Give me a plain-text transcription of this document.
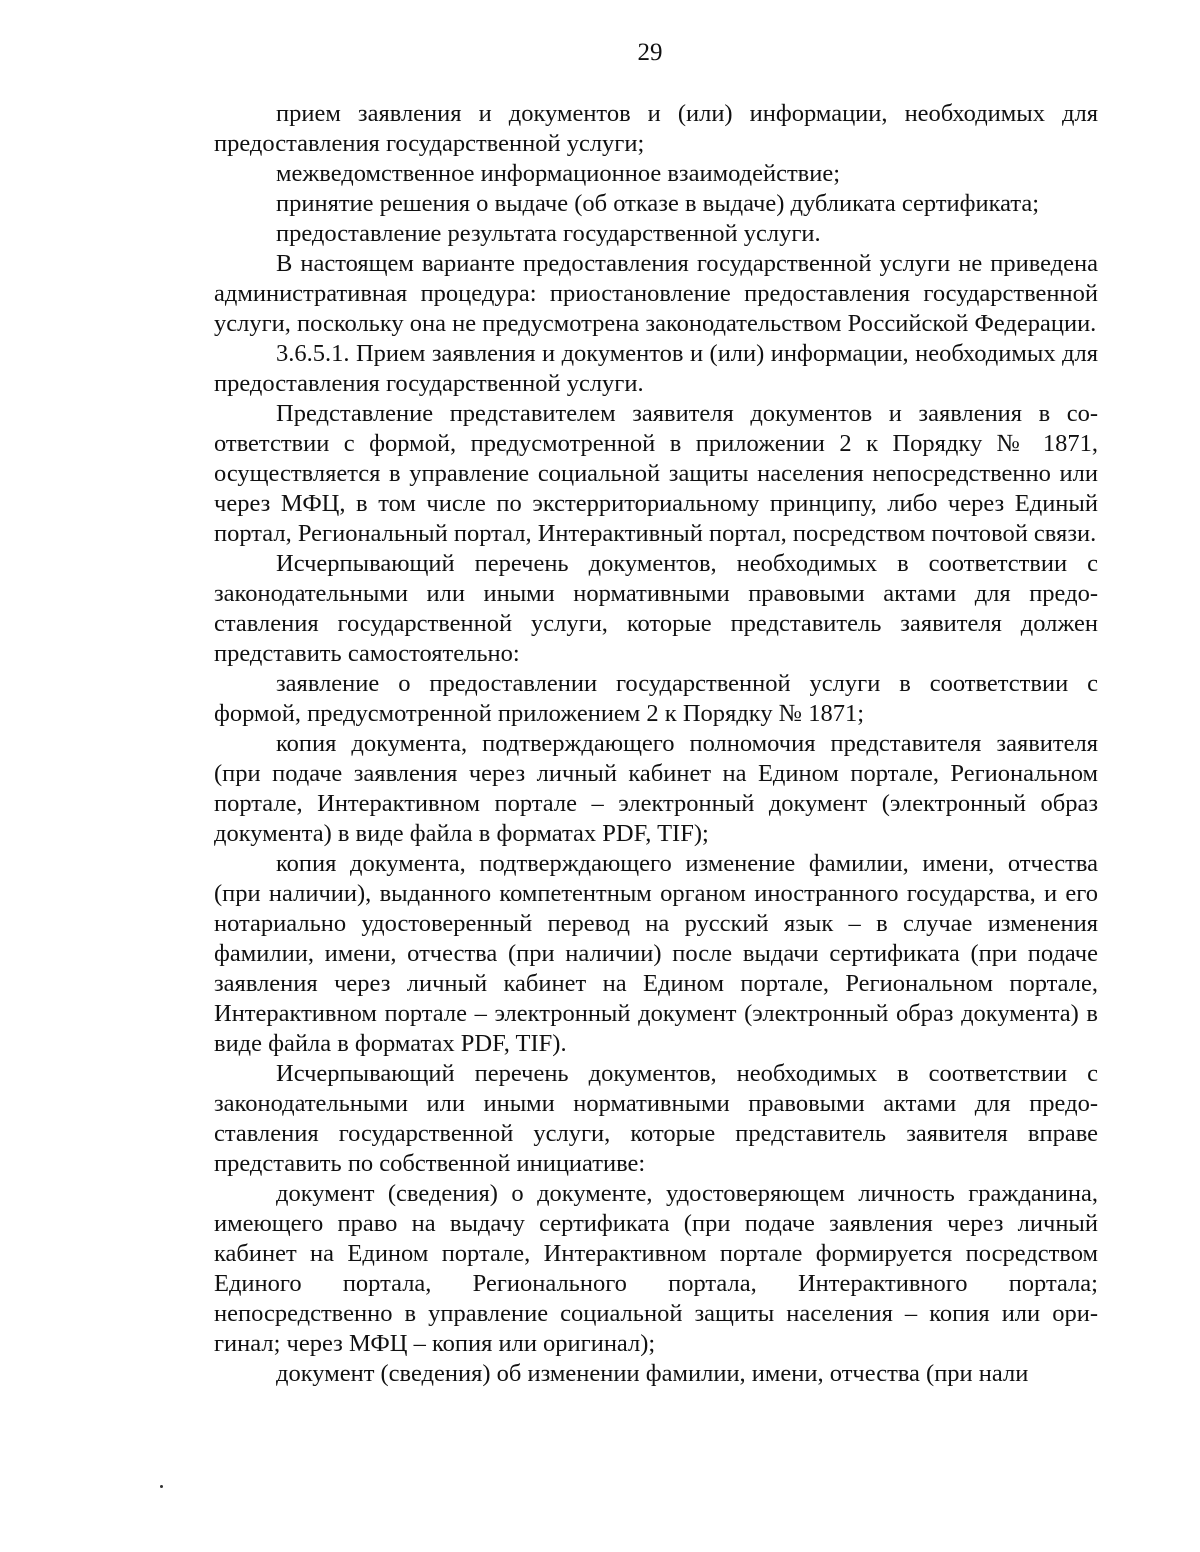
29

прием заявления и документов и (или) информации, необходимых для предоставления государственной услуги;

межведомственное информационное взаимодействие;

принятие решения о выдаче (об отказе в выдаче) дубликата сертификата;

предоставление результата государственной услуги.

В настоящем варианте предоставления государственной услуги не приведена административная процедура: приостановление предоставления государственной услуги, поскольку она не предусмотрена законодательством Российской Федерации.

3.6.5.1. Прием заявления и документов и (или) информации, необходимых для предоставления государственной услуги.

Представление представителем заявителя документов и заявления в соответствии с формой, предусмотренной в приложении 2 к Порядку № 1871, осуществляется в управление социальной защиты населения непосредственно или через МФЦ, в том числе по экстерриториальному принципу, либо через Единый портал, Региональный портал, Интерактивный портал, посредством почтовой связи.

Исчерпывающий перечень документов, необходимых в соответствии с законодательными или иными нормативными правовыми актами для предоставления государственной услуги, которые представитель заявителя должен представить самостоятельно:

заявление о предоставлении государственной услуги в соответствии с формой, предусмотренной приложением 2 к Порядку № 1871;

копия документа, подтверждающего полномочия представителя заявителя (при подаче заявления через личный кабинет на Едином портале, Региональном портале, Интерактивном портале – электронный документ (электронный образ документа) в виде файла в форматах PDF, TIF);

копия документа, подтверждающего изменение фамилии, имени, отчества (при наличии), выданного компетентным органом иностранного государства, и его нотариально удостоверенный перевод на русский язык – в случае изменения фамилии, имени, отчества (при наличии) после выдачи сертификата (при подаче заявления через личный кабинет на Едином портале, Региональном портале, Интерактивном портале – электронный документ (электронный образ документа) в виде файла в форматах PDF, TIF).

Исчерпывающий перечень документов, необходимых в соответствии с законодательными или иными нормативными правовыми актами для предоставления государственной услуги, которые представитель заявителя вправе представить по собственной инициативе:

документ (сведения) о документе, удостоверяющем личность гражданина, имеющего право на выдачу сертификата (при подаче заявления через личный кабинет на Едином портале, Интерактивном портале формируется посредством Единого портала, Регионального портала, Интерактивного портала; непосредственно в управление социальной защиты населения – копия или оригинал; через МФЦ – копия или оригинал);

документ (сведения) об изменении фамилии, имени, отчества (при нали
